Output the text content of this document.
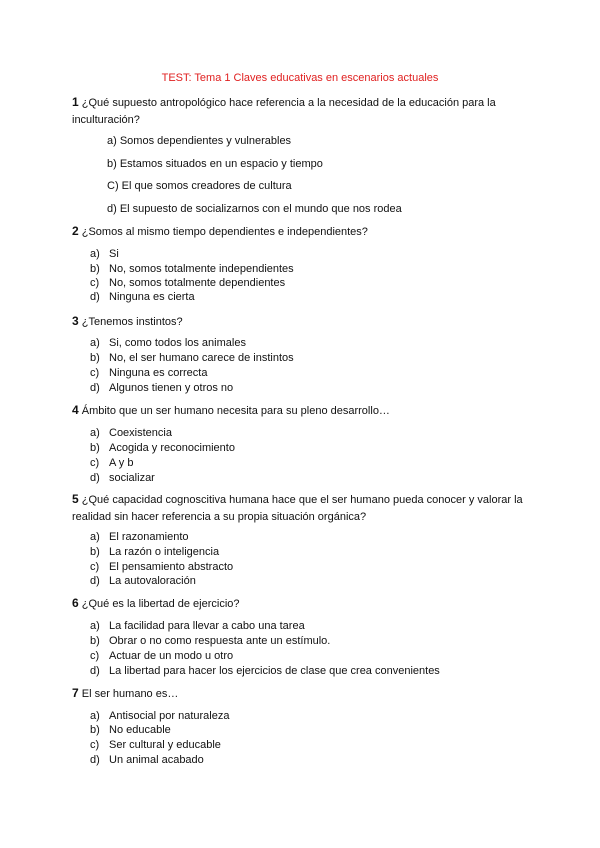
TEST: Tema 1 Claves educativas en escenarios actuales
1 ¿Qué supuesto antropológico hace referencia a la necesidad de la educación para la inculturación?
a) Somos dependientes y vulnerables
b) Estamos situados en un espacio y tiempo
C) El que somos creadores de cultura
d) El supuesto de socializarnos con el mundo que nos rodea
2 ¿Somos al mismo tiempo dependientes e independientes?
a) Si
b) No, somos totalmente independientes
c) No, somos totalmente dependientes
d) Ninguna es cierta
3 ¿Tenemos instintos?
a) Si, como todos los animales
b) No, el ser humano carece de instintos
c) Ninguna es correcta
d) Algunos tienen y otros no
4 Ámbito que un ser humano necesita para su pleno desarrollo…
a) Coexistencia
b) Acogida y reconocimiento
c) A y b
d) socializar
5 ¿Qué capacidad cognoscitiva humana hace que el ser humano pueda conocer y valorar la realidad sin hacer referencia a su propia situación orgánica?
a) El razonamiento
b) La razón o inteligencia
c) El pensamiento abstracto
d) La autovaloración
6 ¿Qué es la libertad de ejercicio?
a) La facilidad para llevar a cabo una tarea
b) Obrar o no como respuesta ante un estímulo.
c) Actuar de un modo u otro
d) La libertad para hacer los ejercicios de clase que crea convenientes
7 El ser humano es…
a) Antisocial por naturaleza
b) No educable
c) Ser cultural y educable
d) Un animal acabado
